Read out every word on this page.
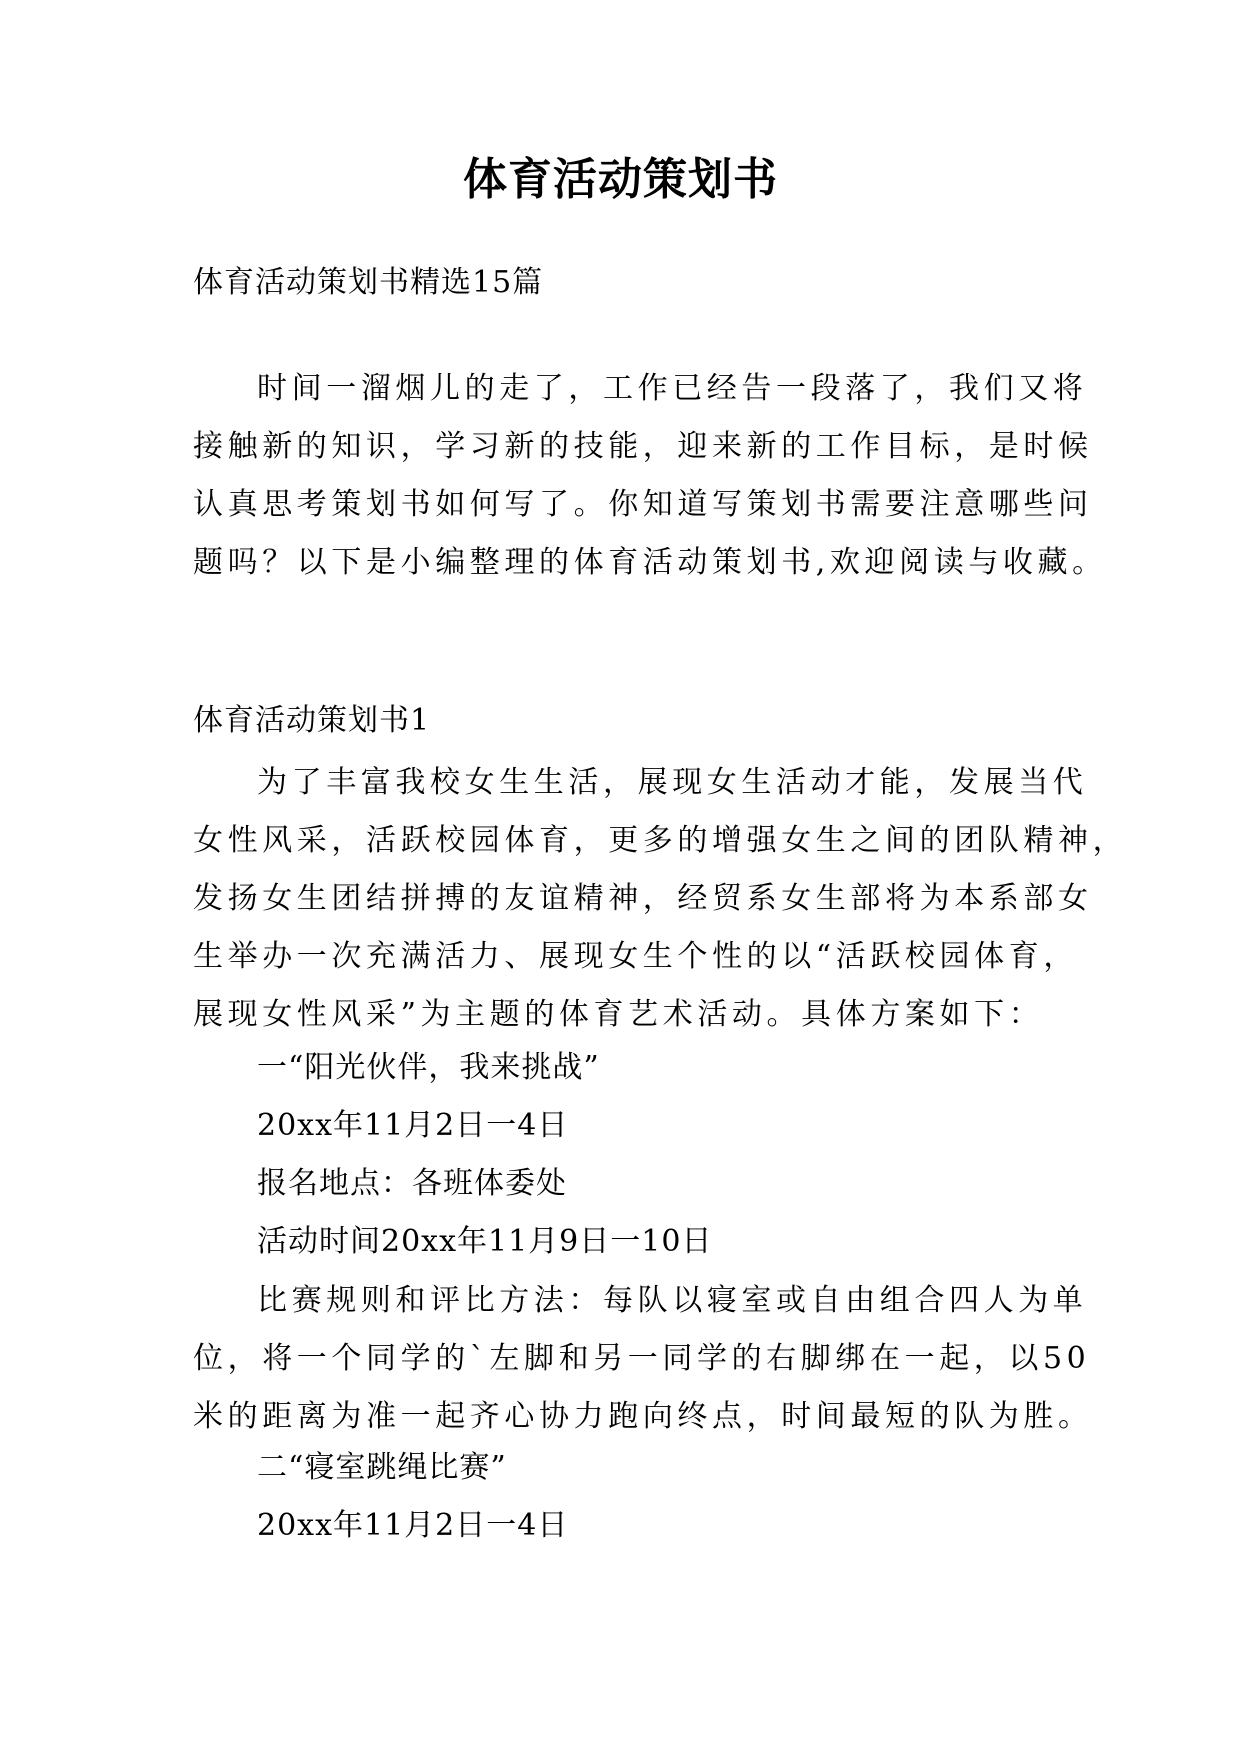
体育活动策划书
体育活动策划书精选15篇
时间一溜烟儿的走了，工作已经告一段落了，我们又将
接触新的知识，学习新的技能，迎来新的工作目标，是时候
认真思考策划书如何写了。你知道写策划书需要注意哪些问
题吗？以下是小编整理的体育活动策划书,欢迎阅读与收藏。
体育活动策划书1
为了丰富我校女生生活，展现女生活动才能，发展当代
女性风采，活跃校园体育，更多的增强女生之间的团队精神，
发扬女生团结拼搏的友谊精神，经贸系女生部将为本系部女
生举办一次充满活力、展现女生个性的以“活跃校园体育，
展现女性风采”为主题的体育艺术活动。具体方案如下：
一“阳光伙伴，我来挑战”
20xx年11月2日一4日
报名地点：各班体委处
活动时间20xx年11月9日一10日
比赛规则和评比方法：每队以寝室或自由组合四人为单
位，将一个同学的`左脚和另一同学的右脚绑在一起，以50
米的距离为准一起齐心协力跑向终点，时间最短的队为胜。
二“寝室跳绳比赛”
20xx年11月2日一4日
